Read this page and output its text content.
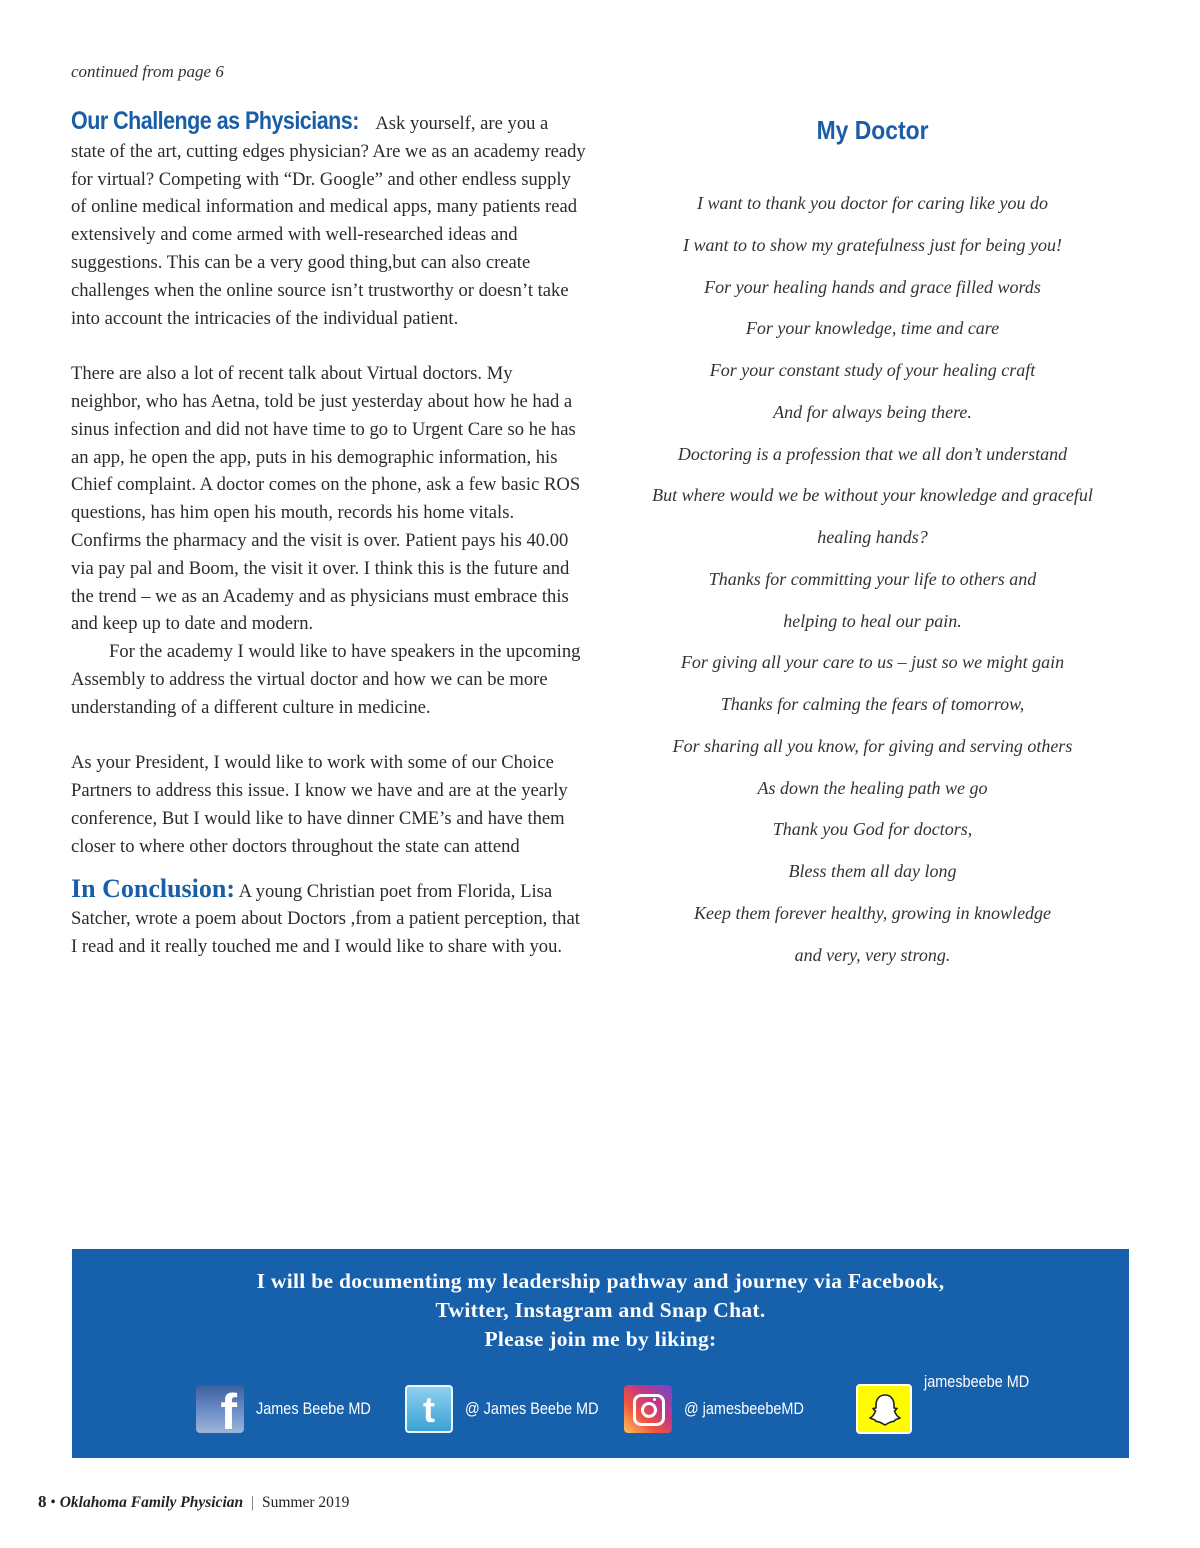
continued from page 6

Our Challenge as Physicians: Ask yourself, are you a state of the art, cutting edges physician? Are we as an academy ready for virtual? Competing with “Dr. Google” and other endless supply of online medical information and medical apps, many patients read extensively and come armed with well-researched ideas and suggestions. This can be a very good thing,but can also create challenges when the online source isn’t trustworthy or doesn’t take into account the intricacies of the individual patient.

There are also a lot of recent talk about Virtual doctors. My neighbor, who has Aetna, told be just yesterday about how he had a sinus infection and did not have time to go to Urgent Care so he has an app, he open the app, puts in his demographic information, his Chief complaint. A doctor comes on the phone, ask a few basic ROS questions, has him open his mouth, records his home vitals. Confirms the pharmacy and the visit is over. Patient pays his 40.00 via pay pal and Boom, the visit it over. I think this is the future and the trend – we as an Academy and as physicians must embrace this and keep up to date and modern.

For the academy I would like to have speakers in the upcoming Assembly to address the virtual doctor and how we can be more understanding of a different culture in medicine.

As your President, I would like to work with some of our Choice Partners to address this issue. I know we have and are at the yearly conference, But I would like to have dinner CME’s and have them closer to where other doctors throughout the state can attend

In Conclusion: A young Christian poet from Florida, Lisa Satcher, wrote a poem about Doctors ,from a patient perception, that I read and it really touched me and I would like to share with you.

My Doctor
I want to thank you doctor for caring like you do
I want to to show my gratefulness just for being you!
For your healing hands and grace filled words
For your knowledge, time and care
For your constant study of your healing craft
And for always being there.
Doctoring is a profession that we all don’t understand
But where would we be without your knowledge and graceful
healing hands?
Thanks for committing your life to others and
helping to heal our pain.
For giving all your care to us – just so we might gain
Thanks for calming the fears of tomorrow,
For sharing all you know, for giving and serving others
As down the healing path we go
Thank you God for doctors,
Bless them all day long
Keep them forever healthy, growing in knowledge
and very, very strong.
I will be documenting my leadership pathway and journey via Facebook,
Twitter, Instagram and Snap Chat.
Please join me by liking:
f James Beebe MD	t	@ James Beebe MD	@ jamesbeebeMD
jamesbeebe MD
8 • Oklahoma Family Physician | Summer 2019
